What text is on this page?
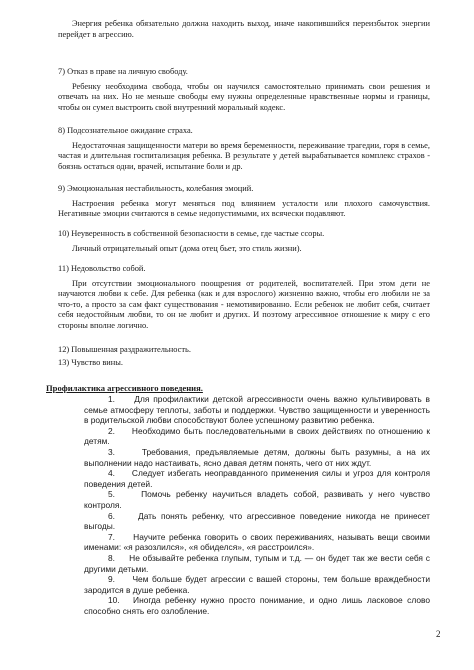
Энергия ребенка обязательно должна находить выход, иначе накопившийся переизбыток энергии перейдет в агрессию.

7) Отказ в праве на личную свободу.

Ребенку необходима свобода, чтобы он научился самостоятельно принимать свои решения и отвечать на них. Но не меньше свободы ему нужны определенные нравственные нормы и границы, чтобы он сумел выстроить свой внутренний моральный кодекс.

8) Подсознательное ожидание страха.

Недостаточная защищенности матери во время беременности, переживание трагедии, горя в семье, частая и длительная госпитализация ребенка. В результате у детей вырабатывается комплекс страхов - боязнь остаться одни, врачей, испытание боли и др.

9) Эмоциональная нестабильность, колебания эмоций.

Настроения ребенка могут меняться под влиянием усталости или плохого самочувствия. Негативные эмоции считаются в семье недопустимыми, их всячески подавляют.

10) Неуверенность в собственной безопасности в семье, где частые ссоры.

Личный отрицательный опыт (дома отец бьет, это стиль жизни).

11) Недовольство собой.

При отсутствии эмоционального поощрения от родителей, воспитателей. При этом дети не научаются любви к себе. Для ребенка (как и для взрослого) жизненно важно, чтобы его любили не за что-то, а просто за сам факт существования - немотивированно. Если ребенок не любит себя, считает себя недостойным любви, то он не любит и других. И поэтому агрессивное отношение к миру с его стороны вполне логично.

12) Повышенная раздражительность.

13) Чувство вины.

Профилактика агрессивного поведения.

1.     Для профилактики детской агрессивности очень важно культивировать в семье атмосферу теплоты, заботы и поддержки. Чувство защищенности и уверенность в родительской любви способствуют более успешному развитию ребенка.

2.     Необходимо быть последовательными в своих действиях по отношению к детям.

3.     Требования, предъявляемые детям, должны быть разумны, а на их выполнении надо настаивать, ясно давая детям понять, чего от них ждут.

4.     Следует избегать неоправданного применения силы и угроз для контроля поведения детей.

5.     Помочь ребенку научиться владеть собой, развивать у него чувство контроля.

6.     Дать понять ребенку, что агрессивное поведение никогда не принесет выгоды.

7.     Научите ребенка говорить о своих переживаниях, называть вещи своими именами: «я разозлился», «я обиделся», «я расстроился».

8.     Не обзывайте ребенка глупым, тупым и т.д. — он будет так же вести себя с другими детьми.

9.     Чем больше будет агрессии с вашей стороны, тем больше враждебности зародится в душе ребенка.

10.   Иногда ребенку нужно просто понимание, и одно лишь ласковое слово способно снять его озлобление.

2
